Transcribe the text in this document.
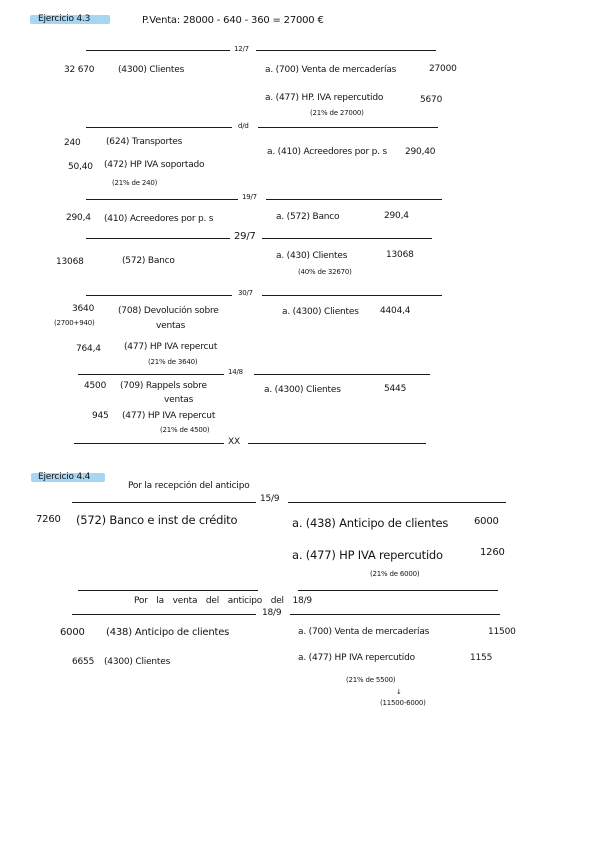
Ejercicio 4.3	P.Venta: 28000 - 640 - 360 = 27000 €
12/7
32 670	(4300) Clientes	a. (700) Venta de mercaderías	27000
a. (477) HP. IVA repercutido	5670
(21% de 27000)
d/d
240	(624) Transportes
a. (410) Acreedores por p. s 290,40
50,40 (472) HP IVA soportado
(21% de 240)
19/7
290,4 (410) Acreedores por p. s	a. (572) Banco	290,4
29/7
13068	(572) Banco	a. (430) Clientes	13068
(40% de 32670)
30/7
3640	(708) Devolución sobre
(2700+940)	ventas
a. (4300) Clientes 4404,4
764,4	(477) HP IVA repercut
(21% de 3640)
14/8
4500 (709) Rappels sobre
ventas
a. (4300) Clientes	5445
945 (477) HP IVA repercut
(21% de 4500)
XX
Ejercicio 4.4
Por la recepción del anticipo
15/9
7260 (572) Banco e inst de crédito	a. (438) Anticipo de clientes	6000
a. (477) HP IVA repercutido	1260
(21% de 6000)
Por la venta del anticipo del 18/9
18/9
6000 (438) Anticipo de clientes	a. (700) Venta de mercaderías	11500
6655 (4300) Clientes	a. (477) HP IVA repercutido	1155
(21% de 5500)
↓
(11500-6000)
